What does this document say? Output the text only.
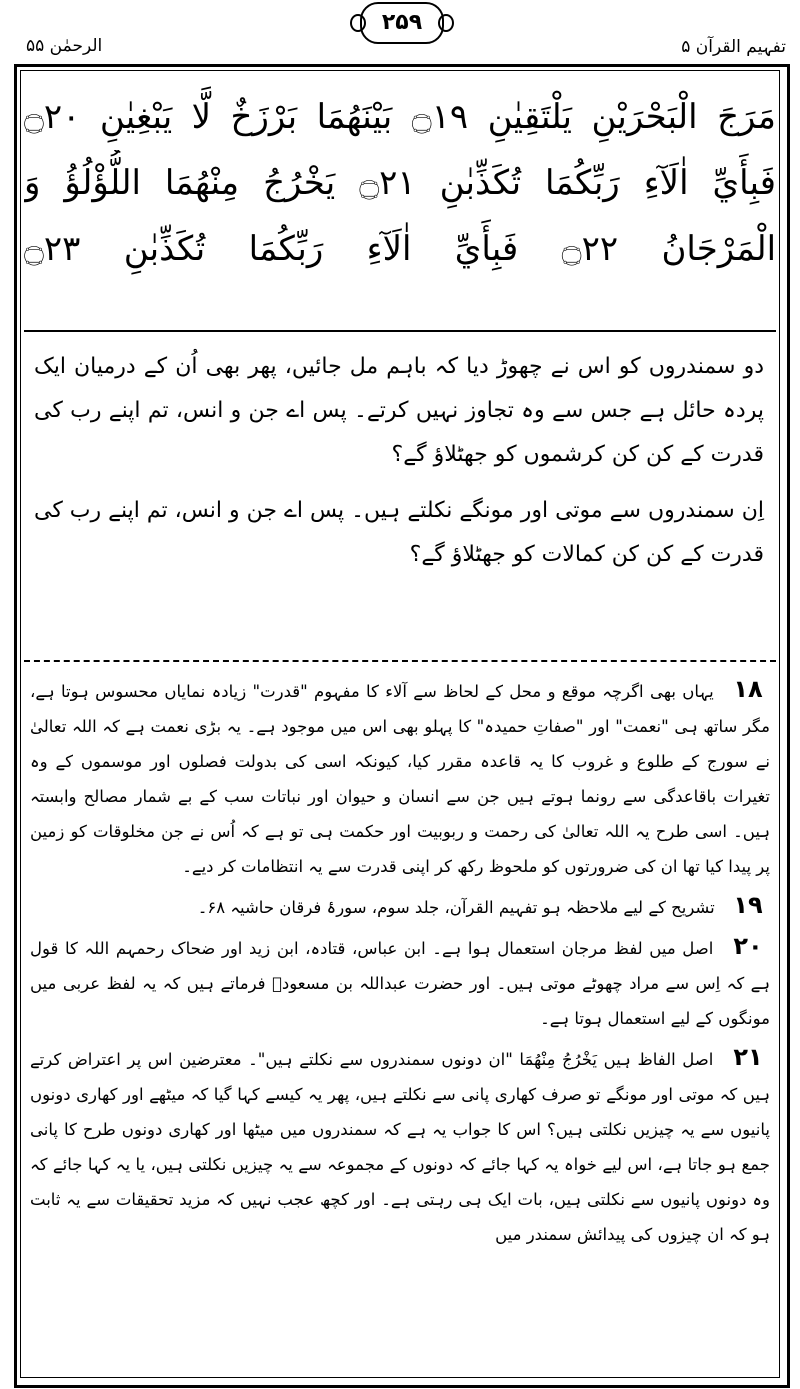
الرحمٰن ۵۵
۲۵۹
تفہیم القرآن ۵
مَرَجَ الْبَحْرَيْنِ يَلْتَقِيٰنِ ۝١٩ بَيْنَهُمَا بَرْزَخٌ لَّا يَبْغِيٰنِ ۝٢٠
فَبِأَيِّ اٰلَآءِ رَبِّكُمَا تُكَذِّبٰنِ ۝٢١ يَخْرُجُ مِنْهُمَا اللُّؤْلُؤُ وَ
الْمَرْجَانُ ۝٢٢ فَبِأَيِّ اٰلَآءِ رَبِّكُمَا تُكَذِّبٰنِ ۝٢٣

دو سمندروں کو اس نے چھوڑ دیا کہ باہم مل جائیں، پھر بھی اُن کے درمیان ایک پردہ حائل ہے جس سے وہ تجاوز نہیں کرتے۔ پس اے جن و انس، تم اپنے رب کی قدرت کے کن کن کرشموں کو جھٹلاؤ گے؟

اِن سمندروں سے موتی اور مونگے نکلتے ہیں۔ پس اے جن و انس، تم اپنے رب کی قدرت کے کن کن کمالات کو جھٹلاؤ گے؟

۱۸ یہاں بھی اگرچہ موقع و محل کے لحاظ سے آلاء کا مفہوم "قدرت" زیادہ نمایاں محسوس ہوتا ہے، مگر ساتھ ہی "نعمت" اور "صفاتِ حمیدہ" کا پہلو بھی اس میں موجود ہے۔ یہ بڑی نعمت ہے کہ اللہ تعالیٰ نے سورج کے طلوع و غروب کا یہ قاعدہ مقرر کیا، کیونکہ اسی کی بدولت فصلوں اور موسموں کے وہ تغیرات باقاعدگی سے رونما ہوتے ہیں جن سے انسان و حیوان اور نباتات سب کے بے شمار مصالح وابستہ ہیں۔ اسی طرح یہ اللہ تعالیٰ کی رحمت و ربوبیت اور حکمت ہی تو ہے کہ اُس نے جن مخلوقات کو زمین پر پیدا کیا تھا ان کی ضرورتوں کو ملحوظ رکھ کر اپنی قدرت سے یہ انتظامات کر دیے۔

۱۹ تشریح کے لیے ملاحظہ ہو تفہیم القرآن، جلد سوم، سورۂ فرقان حاشیہ ۶۸۔

۲۰ اصل میں لفظ مرجان استعمال ہوا ہے۔ ابن عباس، قتادہ، ابن زید اور ضحاک رحمہم اللہ کا قول ہے کہ اِس سے مراد چھوٹے موتی ہیں۔ اور حضرت عبداللہ بن مسعودؓ فرماتے ہیں کہ یہ لفظ عربی میں مونگوں کے لیے استعمال ہوتا ہے۔

۲۱ اصل الفاظ ہیں یَخْرُجُ مِنْهُمَا "ان دونوں سمندروں سے نکلتے ہیں"۔ معترضین اس پر اعتراض کرتے ہیں کہ موتی اور مونگے تو صرف کھاری پانی سے نکلتے ہیں، پھر یہ کیسے کہا گیا کہ میٹھے اور کھاری دونوں پانیوں سے یہ چیزیں نکلتی ہیں؟ اس کا جواب یہ ہے کہ سمندروں میں میٹھا اور کھاری دونوں طرح کا پانی جمع ہو جاتا ہے، اس لیے خواہ یہ کہا جائے کہ دونوں کے مجموعہ سے یہ چیزیں نکلتی ہیں، یا یہ کہا جائے کہ وہ دونوں پانیوں سے نکلتی ہیں، بات ایک ہی رہتی ہے۔ اور کچھ عجب نہیں کہ مزید تحقیقات سے یہ ثابت ہو کہ ان چیزوں کی پیدائش سمندر میں
